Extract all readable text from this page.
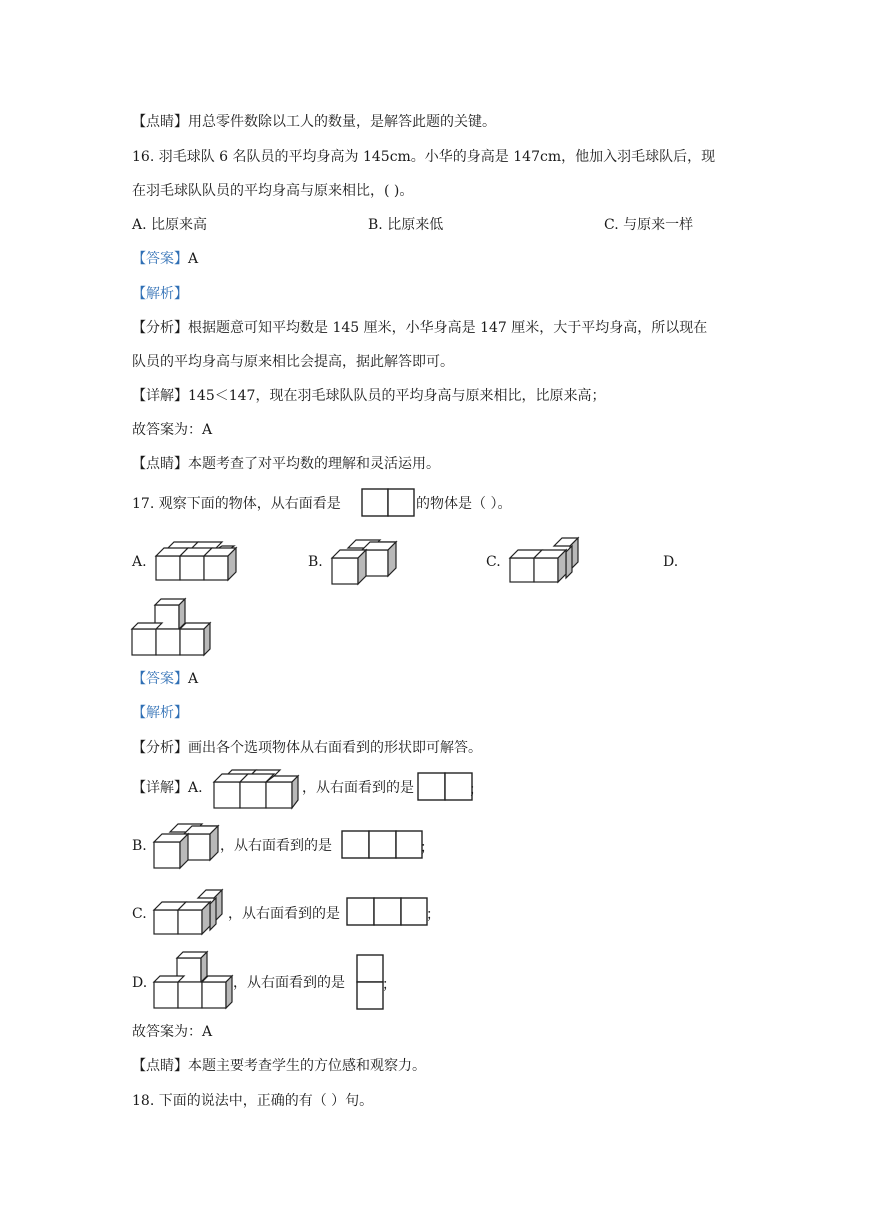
【点睛】用总零件数除以工人的数量，是解答此题的关键。
16. 羽毛球队 6 名队员的平均身高为 145cm。小华的身高是 147cm，他加入羽毛球队后，现
在羽毛球队队员的平均身高与原来相比，( )。
A. 比原来高	B. 比原来低	C. 与原来一样
【答案】A
【解析】
【分析】根据题意可知平均数是 145 厘米，小华身高是 147 厘米，大于平均身高，所以现在
队员的平均身高与原来相比会提高，据此解答即可。
【详解】145＜147，现在羽毛球队队员的平均身高与原来相比，比原来高；
故答案为：A
【点睛】本题考查了对平均数的理解和灵活运用。
17. 观察下面的物体，从右面看是	的物体是（ ）。
A.	B.	C.	D.
【答案】A
【解析】
【分析】画出各个选项物体从右面看到的形状即可解答。
【详解】A.	，从右面看到的是	；
B.	，从右面看到的是	；
C.	，从右面看到的是	；
D.	，从右面看到的是	；
故答案为：A
【点睛】本题主要考查学生的方位感和观察力。
18. 下面的说法中，正确的有（ ）句。
